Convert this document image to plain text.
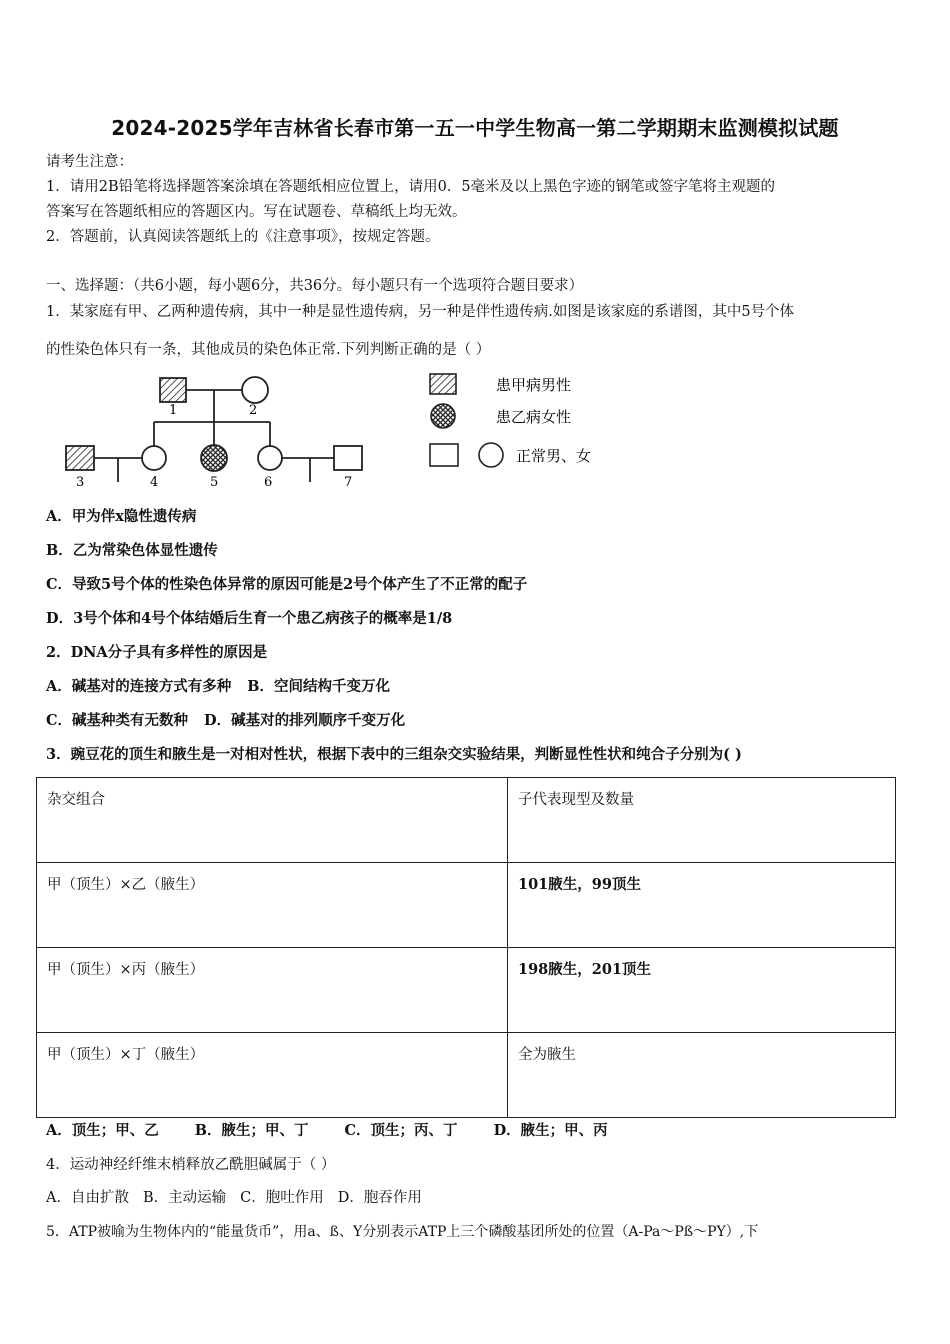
2024-2025学年吉林省长春市第一五一中学生物高一第二学期期末监测模拟试题
请考生注意：
1．请用2B铅笔将选择题答案涂填在答题纸相应位置上，请用0．5毫米及以上黑色字迹的钢笔或签字笔将主观题的
答案写在答题纸相应的答题区内。写在试题卷、草稿纸上均无效。
2．答题前，认真阅读答题纸上的《注意事项》，按规定答题。
一、选择题：（共6小题，每小题6分，共36分。每小题只有一个选项符合题目要求）
1．某家庭有甲、乙两种遗传病，其中一种是显性遗传病，另一种是伴性遗传病.如图是该家庭的系谱图，其中5号个体
的性染色体只有一条，其他成员的染色体正常.下列判断正确的是（ ）
1	2
3	4	5	6	7
患甲病男性
患乙病女性
正常男、女
A．甲为伴x隐性遗传病
B．乙为常染色体显性遗传
C．导致5号个体的性染色体异常的原因可能是2号个体产生了不正常的配子
D．3号个体和4号个体结婚后生育一个患乙病孩子的概率是1/8
2．DNA分子具有多样性的原因是
A．碱基对的连接方式有多种 B．空间结构千变万化
C．碱基种类有无数种 D．碱基对的排列顺序千变万化
3．豌豆花的顶生和腋生是一对相对性状，根据下表中的三组杂交实验结果，判断显性性状和纯合子分别为( )
杂交组合	子代表现型及数量
甲（顶生）×乙（腋生）	101腋生，99顶生
甲（顶生）×丙（腋生）	198腋生，201顶生
甲（顶生）×丁（腋生）	全为腋生
A．顶生；甲、乙 B．腋生；甲、丁 C．顶生；丙、丁 D．腋生；甲、丙
4．运动神经纤维末梢释放乙酰胆碱属于（ ）
A．自由扩散 B．主动运输 C．胞吐作用 D．胞吞作用
5．ATP被喻为生物体内的“能量货币”，用a、ß、Y分别表示ATP上三个磷酸基团所处的位置（A-Pa～Pß～PY）,下
